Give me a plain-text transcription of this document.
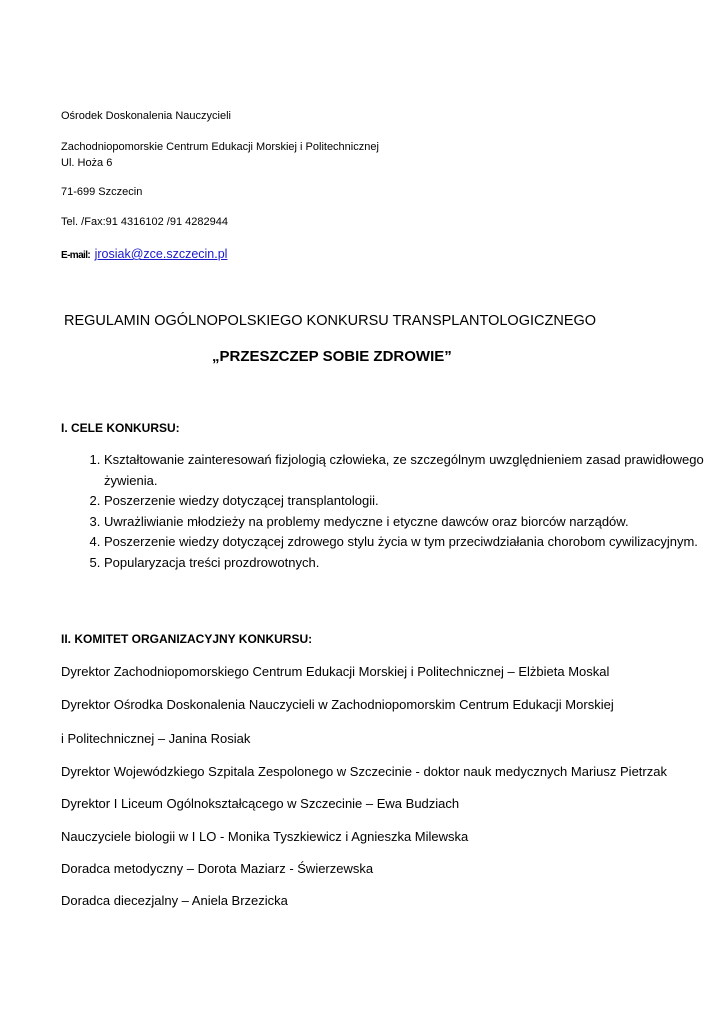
Ośrodek Doskonalenia Nauczycieli
Zachodniopomorskie Centrum Edukacji Morskiej i Politechnicznej
Ul. Hoża 6
71-699 Szczecin
Tel. /Fax:91 4316102 /91 4282944
E-mail: jrosiak@zce.szczecin.pl
REGULAMIN OGÓLNOPOLSKIEGO KONKURSU TRANSPLANTOLOGICZNEGO
„PRZESZCZEP SOBIE ZDROWIE”
I. CELE KONKURSU:
1. Kształtowanie zainteresowań fizjologią człowieka, ze szczególnym uwzględnieniem zasad prawidłowego żywienia.
2. Poszerzenie wiedzy dotyczącej transplantologii.
3. Uwrażliwianie młodzieży na problemy medyczne i etyczne dawców oraz biorców narządów.
4. Poszerzenie wiedzy dotyczącej zdrowego stylu życia w tym przeciwdziałania chorobom cywilizacyjnym.
5. Popularyzacja treści prozdrowotnych.
II. KOMITET ORGANIZACYJNY KONKURSU:
Dyrektor Zachodniopomorskiego Centrum Edukacji Morskiej i Politechnicznej – Elżbieta Moskal
Dyrektor Ośrodka Doskonalenia Nauczycieli w Zachodniopomorskim Centrum Edukacji Morskiej
i Politechnicznej – Janina Rosiak
Dyrektor Wojewódzkiego Szpitala Zespolonego w Szczecinie - doktor nauk medycznych Mariusz Pietrzak
Dyrektor I Liceum Ogólnokształcącego w Szczecinie – Ewa Budziach
Nauczyciele biologii w I LO - Monika Tyszkiewicz i Agnieszka Milewska
Doradca metodyczny – Dorota Maziarz - Świerzewska
Doradca diecezjalny – Aniela Brzezicka
